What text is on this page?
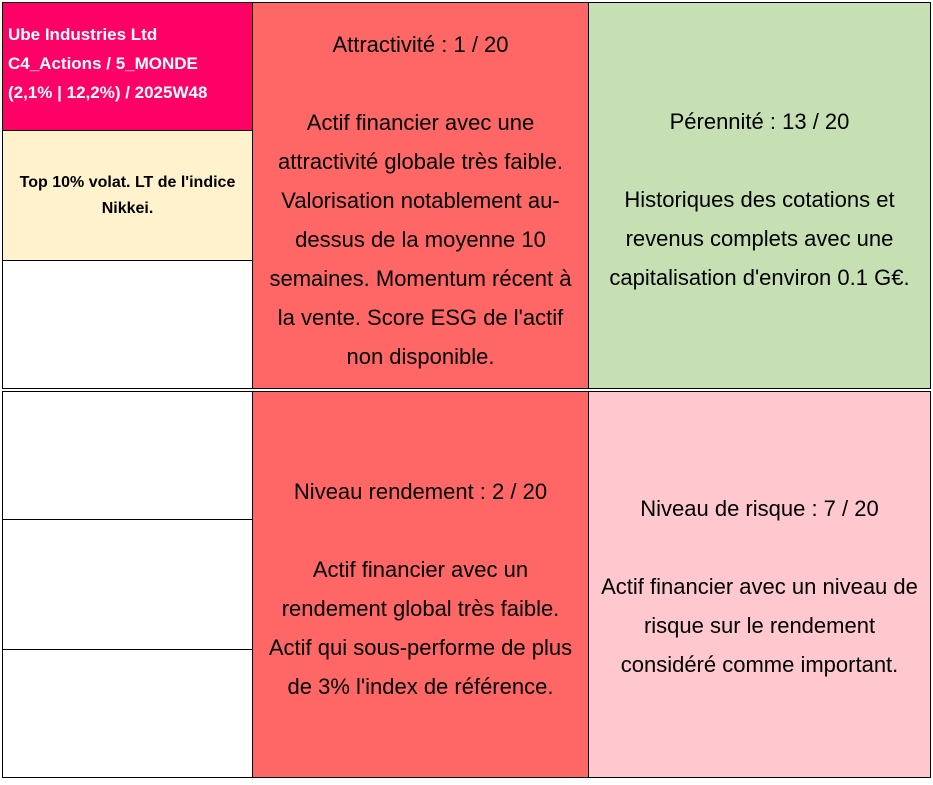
Ube Industries Ltd
C4_Actions / 5_MONDE
(2,1% | 12,2%) / 2025W48
Top 10% volat. LT de l'indice
Nikkei.
Attractivité : 1 / 20
Actif financier avec une
attractivité globale très faible.
Valorisation notablement au-
dessus de la moyenne 10
semaines. Momentum récent à
la vente. Score ESG de l'actif
non disponible.
Pérennité : 13 / 20
Historiques des cotations et
revenus complets avec une
capitalisation d'environ 0.1 G€.
Niveau rendement : 2 / 20
Actif financier avec un
rendement global très faible.
Actif qui sous-performe de plus
de 3% l'index de référence.
Niveau de risque : 7 / 20
Actif financier avec un niveau de
risque sur le rendement
considéré comme important.
